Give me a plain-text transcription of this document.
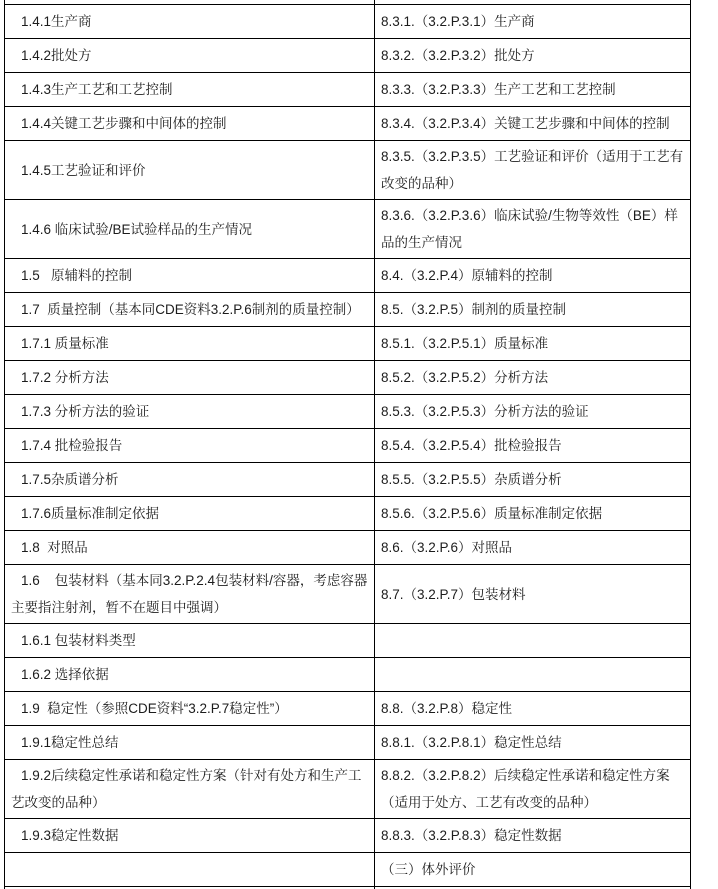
1.4.1生产商	8.3.1.（3.2.P.3.1）生产商
1.4.2批处方	8.3.2.（3.2.P.3.2）批处方
1.4.3生产工艺和工艺控制	8.3.3.（3.2.P.3.3）生产工艺和工艺控制
1.4.4关键工艺步骤和中间体的控制	8.3.4.（3.2.P.3.4）关键工艺步骤和中间体的控制
1.4.5工艺验证和评价	8.3.5.（3.2.P.3.5）工艺验证和评价（适用于工艺有改变的品种）
1.4.6 临床试验/BE试验样品的生产情况	8.3.6.（3.2.P.3.6）临床试验/生物等效性（BE）样品的生产情况
1.5   原辅料的控制	8.4.（3.2.P.4）原辅料的控制
1.7  质量控制（基本同CDE资料3.2.P.6制剂的质量控制）	8.5.（3.2.P.5）制剂的质量控制
1.7.1 质量标准	8.5.1.（3.2.P.5.1）质量标准
1.7.2 分析方法	8.5.2.（3.2.P.5.2）分析方法
1.7.3 分析方法的验证	8.5.3.（3.2.P.5.3）分析方法的验证
1.7.4 批检验报告	8.5.4.（3.2.P.5.4）批检验报告
1.7.5杂质谱分析	8.5.5.（3.2.P.5.5）杂质谱分析
1.7.6质量标准制定依据	8.5.6.（3.2.P.5.6）质量标准制定依据
1.8  对照品	8.6.（3.2.P.6）对照品
1.6    包装材料（基本同3.2.P.2.4包装材料/容器，考虑容器主要指注射剂，暂不在题目中强调）	8.7.（3.2.P.7）包装材料
1.6.1 包装材料类型	
1.6.2 选择依据	
1.9  稳定性（参照CDE资料“3.2.P.7稳定性”）	8.8.（3.2.P.8）稳定性
1.9.1稳定性总结	8.8.1.（3.2.P.8.1）稳定性总结
1.9.2后续稳定性承诺和稳定性方案（针对有处方和生产工艺改变的品种）	8.8.2.（3.2.P.8.2）后续稳定性承诺和稳定性方案（适用于处方、工艺有改变的品种）
1.9.3稳定性数据	8.8.3.（3.2.P.8.3）稳定性数据
	（三）体外评价
